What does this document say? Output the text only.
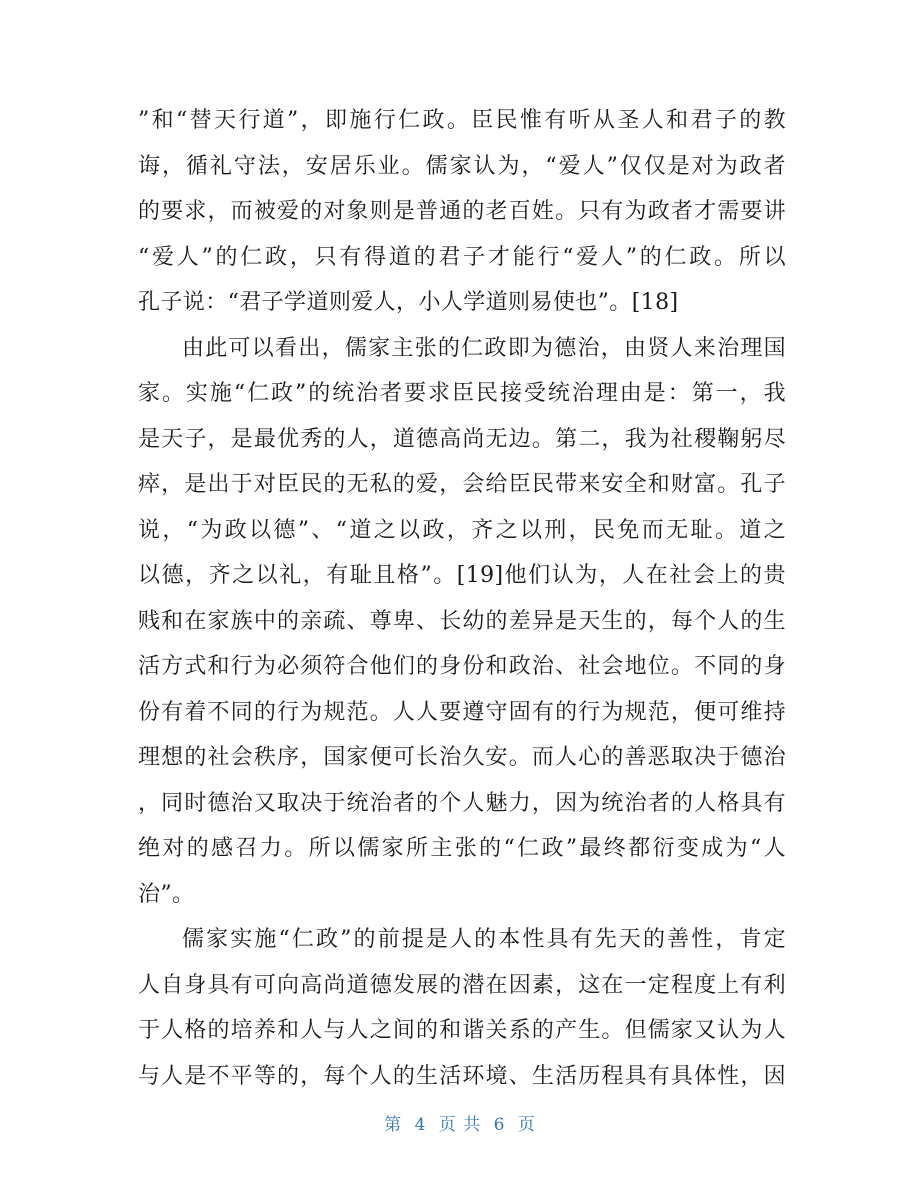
”和“替天行道”，即施行仁政。臣民惟有听从圣人和君子的教
诲，循礼守法，安居乐业。儒家认为，“爱人”仅仅是对为政者
的要求，而被爱的对象则是普通的老百姓。只有为政者才需要讲
“爱人”的仁政，只有得道的君子才能行“爱人”的仁政。所以
孔子说：“君子学道则爱人，小人学道则易使也”。[18]
由此可以看出，儒家主张的仁政即为德治，由贤人来治理国
家。实施“仁政”的统治者要求臣民接受统治理由是：第一，我
是天子，是最优秀的人，道德高尚无边。第二，我为社稷鞠躬尽
瘁，是出于对臣民的无私的爱，会给臣民带来安全和财富。孔子
说，“为政以德”、“道之以政，齐之以刑，民免而无耻。道之
以德，齐之以礼，有耻且格”。[19]他们认为，人在社会上的贵
贱和在家族中的亲疏、尊卑、长幼的差异是天生的，每个人的生
活方式和行为必须符合他们的身份和政治、社会地位。不同的身
份有着不同的行为规范。人人要遵守固有的行为规范，便可维持
理想的社会秩序，国家便可长治久安。而人心的善恶取决于德治
，同时德治又取决于统治者的个人魅力，因为统治者的人格具有
绝对的感召力。所以儒家所主张的“仁政”最终都衍变成为“人
治”。
儒家实施“仁政”的前提是人的本性具有先天的善性，肯定
人自身具有可向高尚道德发展的潜在因素，这在一定程度上有利
于人格的培养和人与人之间的和谐关系的产生。但儒家又认为人
与人是不平等的，每个人的生活环境、生活历程具有具体性，因
第 4 页 共 6 页
